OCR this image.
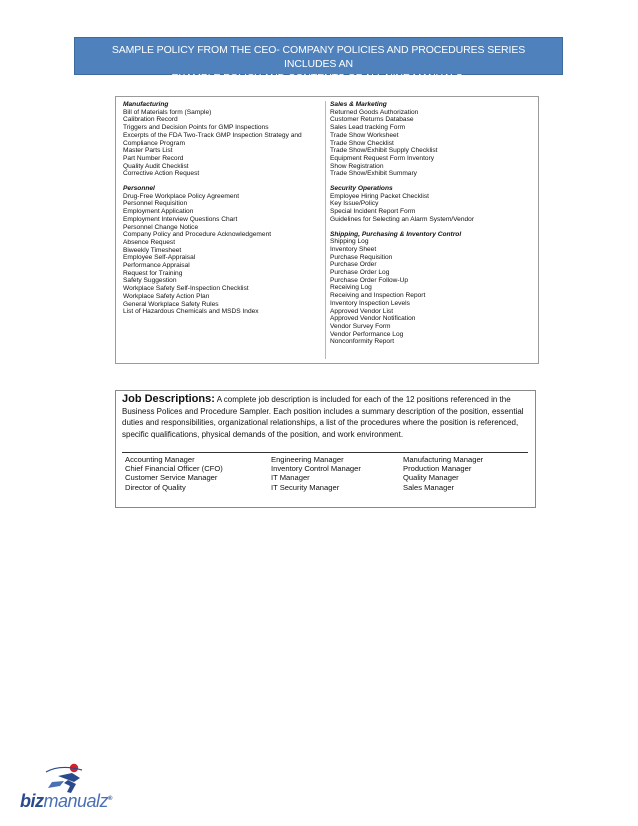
SAMPLE POLICY FROM THE CEO- COMPANY POLICIES AND PROCEDURES SERIES INCLUDES AN
EXAMPLE POLICY AND CONTENTS OF ALL NINE MANUALS.
Manufacturing
Bill of Materials form (Sample)
Calibration Record
Triggers and Decision Points for GMP Inspections
Excerpts of the FDA Two-Track GMP Inspection Strategy and
Compliance Program
Master Parts List
Part Number Record
Quality Audit Checklist
Corrective Action Request
Personnel
Drug-Free Workplace Policy Agreement
Personnel Requisition
Employment Application
Employment Interview Questions Chart
Personnel Change Notice
Company Policy and Procedure Acknowledgement
Absence Request
Biweekly Timesheet
Employee Self-Appraisal
Performance Appraisal
Request for Training
Safety Suggestion
Workplace Safety Self-Inspection Checklist
Workplace Safety Action Plan
General Workplace Safety Rules
List of Hazardous Chemicals and MSDS Index
Sales & Marketing
Returned Goods Authorization
Customer Returns Database
Sales Lead tracking Form
Trade Show Worksheet
Trade Show Checklist
Trade Show/Exhibit Supply Checklist
Equipment Request Form Inventory
Show Registration
Trade Show/Exhibit Summary
Security Operations
Employee Hiring Packet Checklist
Key Issue/Policy
Special Incident Report Form
Guidelines for Selecting an Alarm System/Vendor
Shipping, Purchasing & Inventory Control
Shipping Log
Inventory Sheet
Purchase Requisition
Purchase Order
Purchase Order Log
Purchase Order Follow-Up
Receiving Log
Receiving and Inspection Report
Inventory Inspection Levels
Approved Vendor List
Approved Vendor Notification
Vendor Survey Form
Vendor Performance Log
Nonconformity Report
Job Descriptions: A complete job description is included for each of the 12 positions referenced in the Business Polices and Procedure Sampler. Each position includes a summary description of the position, essential duties and responsibilities, organizational relationships, a list of the procedures where the position is referenced, specific qualifications, physical demands of the position, and work environment.
Accounting Manager
Chief Financial Officer (CFO)
Customer Service Manager
Director of Quality
Engineering Manager
Inventory Control Manager
IT Manager
IT Security Manager
Manufacturing Manager
Production Manager
Quality Manager
Sales Manager
bizmanualz®
